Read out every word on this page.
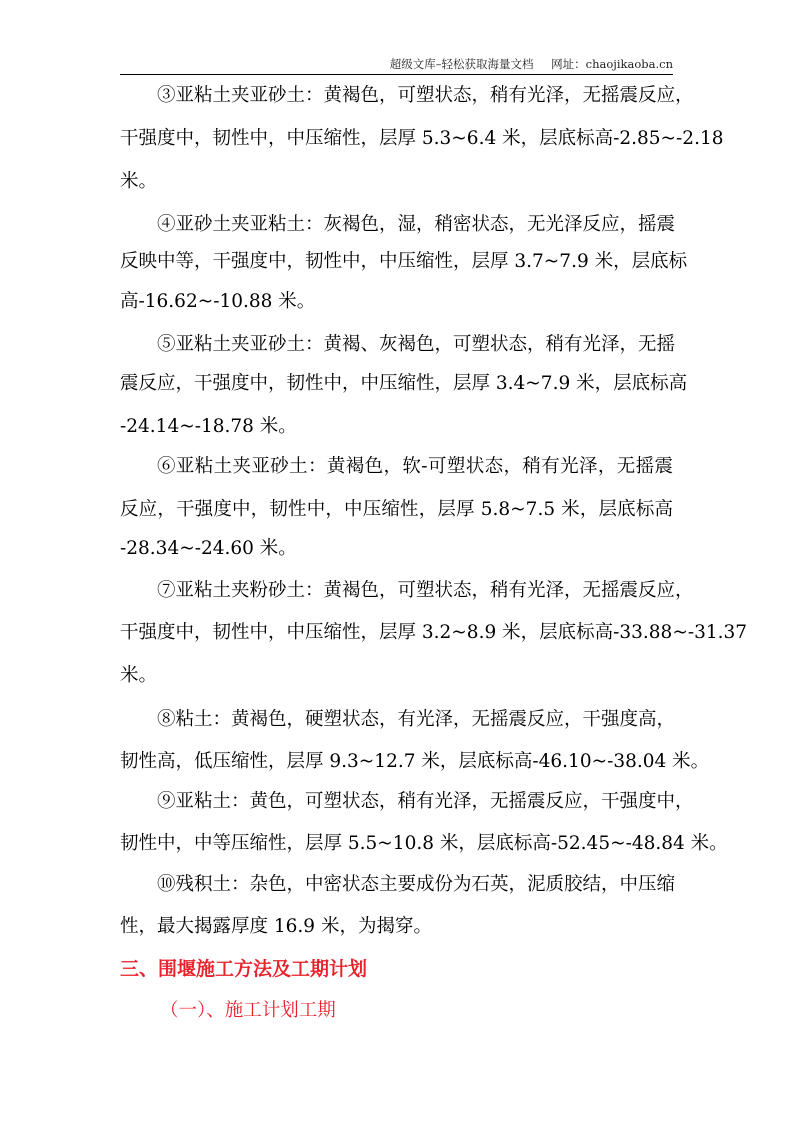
超级文库–轻松获取海量文档 网址：chaojikaoba.cn
③亚粘土夹亚砂土：黄褐色，可塑状态，稍有光泽，无摇震反应，
干强度中，韧性中，中压缩性，层厚 5.3~6.4 米，层底标高-2.85~-2.18
米。
④亚砂土夹亚粘土：灰褐色，湿，稍密状态，无光泽反应，摇震
反映中等，干强度中，韧性中，中压缩性，层厚 3.7~7.9 米，层底标
高-16.62~-10.88 米。
⑤亚粘土夹亚砂土：黄褐、灰褐色，可塑状态，稍有光泽，无摇
震反应，干强度中，韧性中，中压缩性，层厚 3.4~7.9 米，层底标高
-24.14~-18.78 米。
⑥亚粘土夹亚砂土：黄褐色，软-可塑状态，稍有光泽，无摇震
反应，干强度中，韧性中，中压缩性，层厚 5.8~7.5 米，层底标高
-28.34~-24.60 米。
⑦亚粘土夹粉砂土：黄褐色，可塑状态，稍有光泽，无摇震反应，
干强度中，韧性中，中压缩性，层厚 3.2~8.9 米，层底标高-33.88~-31.37
米。
⑧粘土：黄褐色，硬塑状态，有光泽，无摇震反应，干强度高，
韧性高，低压缩性，层厚 9.3~12.7 米，层底标高-46.10~-38.04 米。
⑨亚粘土：黄色，可塑状态，稍有光泽，无摇震反应，干强度中，
韧性中，中等压缩性，层厚 5.5~10.8 米，层底标高-52.45~-48.84 米。
⑩残积土：杂色，中密状态主要成份为石英，泥质胶结，中压缩
性，最大揭露厚度 16.9 米，为揭穿。
三、围堰施工方法及工期计划
（一）、施工计划工期
